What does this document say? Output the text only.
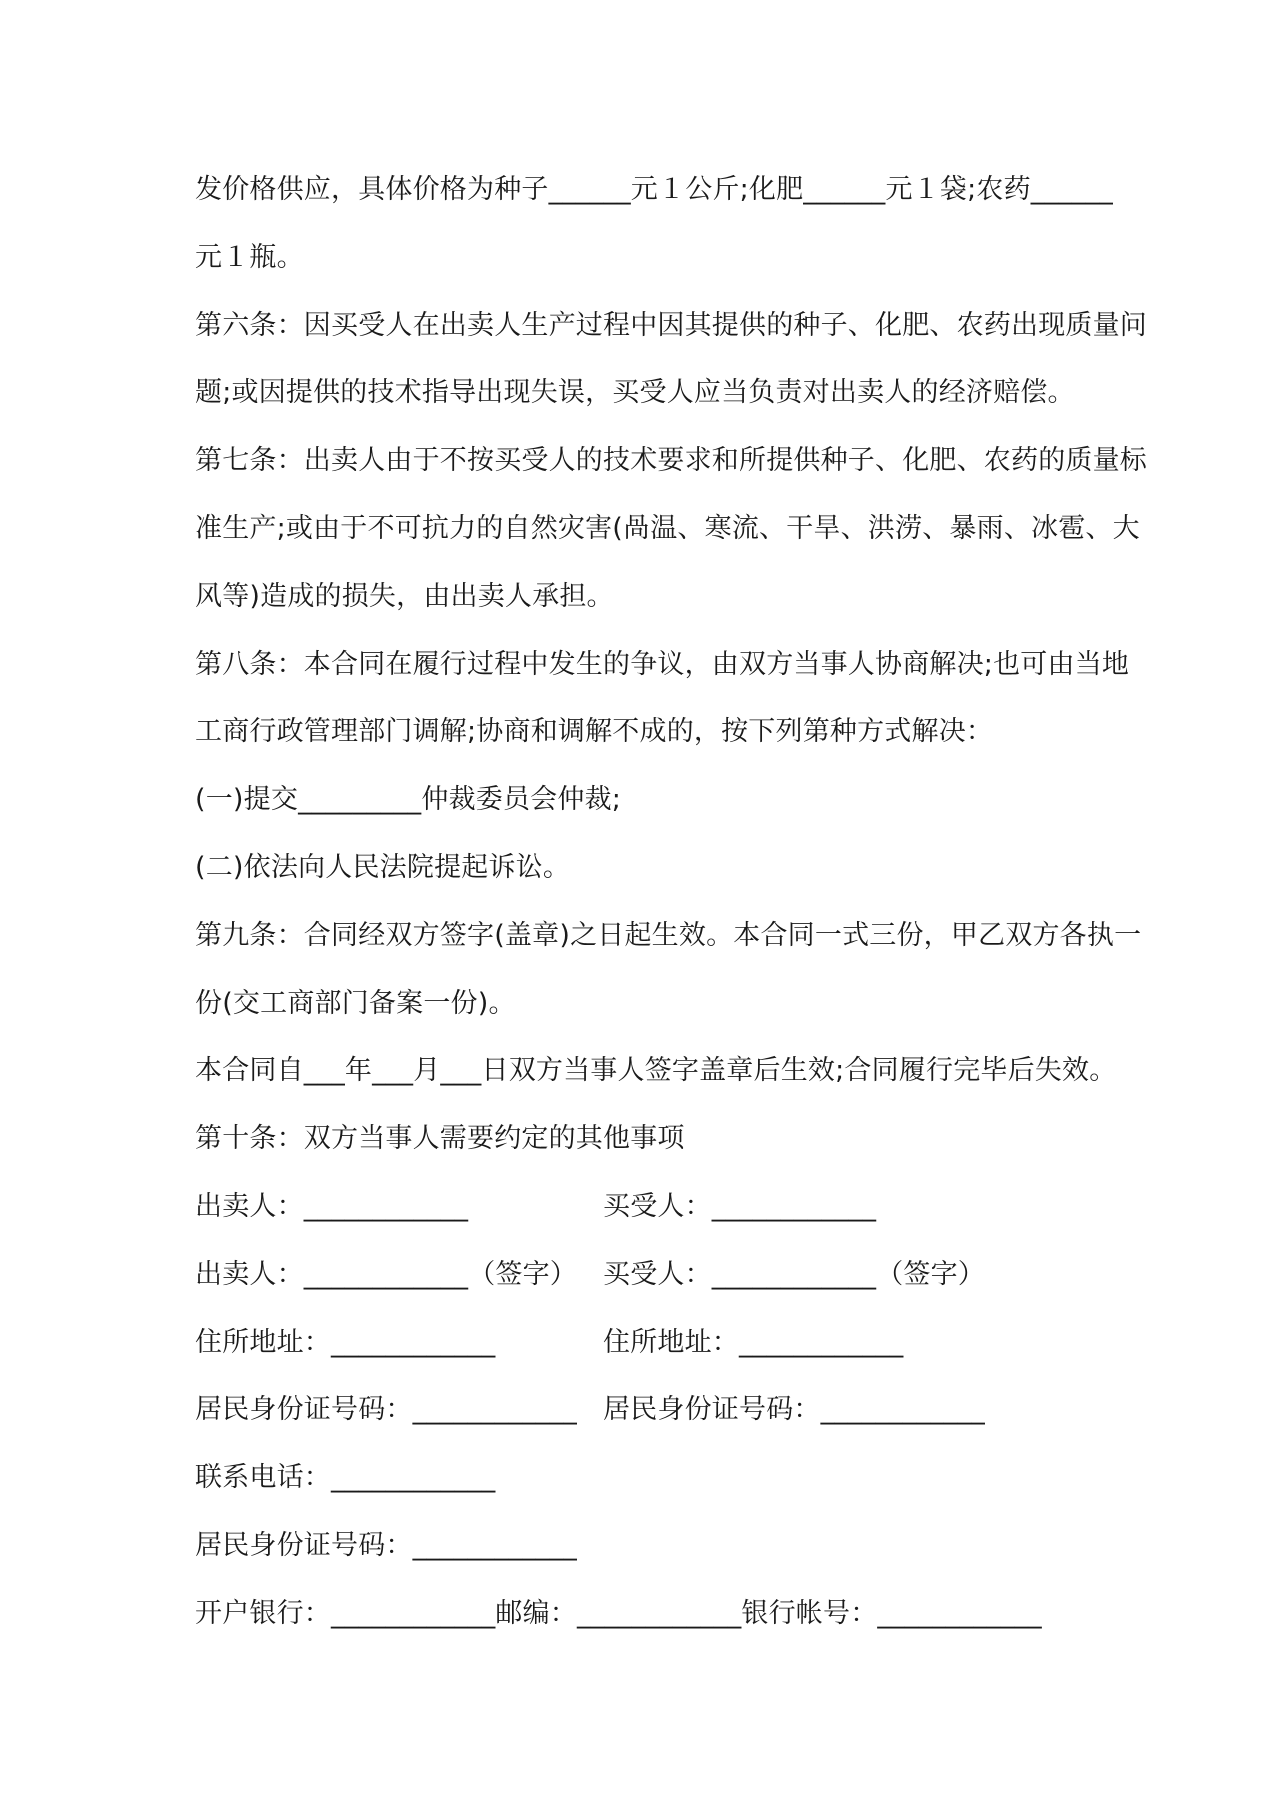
发价格供应，具体价格为种子______元１公斤;化肥______元１袋;农药______
元１瓶。
第六条：因买受人在出卖人生产过程中因其提供的种子、化肥、农药出现质量问
题;或因提供的技术指导出现失误，买受人应当负责对出卖人的经济赔偿。
第七条：出卖人由于不按买受人的技术要求和所提供种子、化肥、农药的质量标
准生产;或由于不可抗力的自然灾害(咼温、寒流、干旱、洪涝、暴雨、冰雹、大
风等)造成的损失，由出卖人承担。
第八条：本合同在履行过程中发生的争议，由双方当事人协商解决;也可由当地
工商行政管理部门调解;协商和调解不成的，按下列第种方式解决：
(一)提交_________仲裁委员会仲裁;
(二)依法向人民法院提起诉讼。
第九条：合同经双方签字(盖章)之日起生效。本合同一式三份，甲乙双方各执一
份(交工商部门备案一份)。
本合同自___年___月___日双方当事人签字盖章后生效;合同履行完毕后失效。
第十条：双方当事人需要约定的其他事项
出卖人：____________	买受人：____________
出卖人：____________（签字） 买受人：____________（签字）
住所地址：____________	住所地址：____________
居民身份证号码：____________ 居民身份证号码：____________
联系电话：____________
居民身份证号码：____________
开户银行：____________邮编：____________银行帐号：____________
